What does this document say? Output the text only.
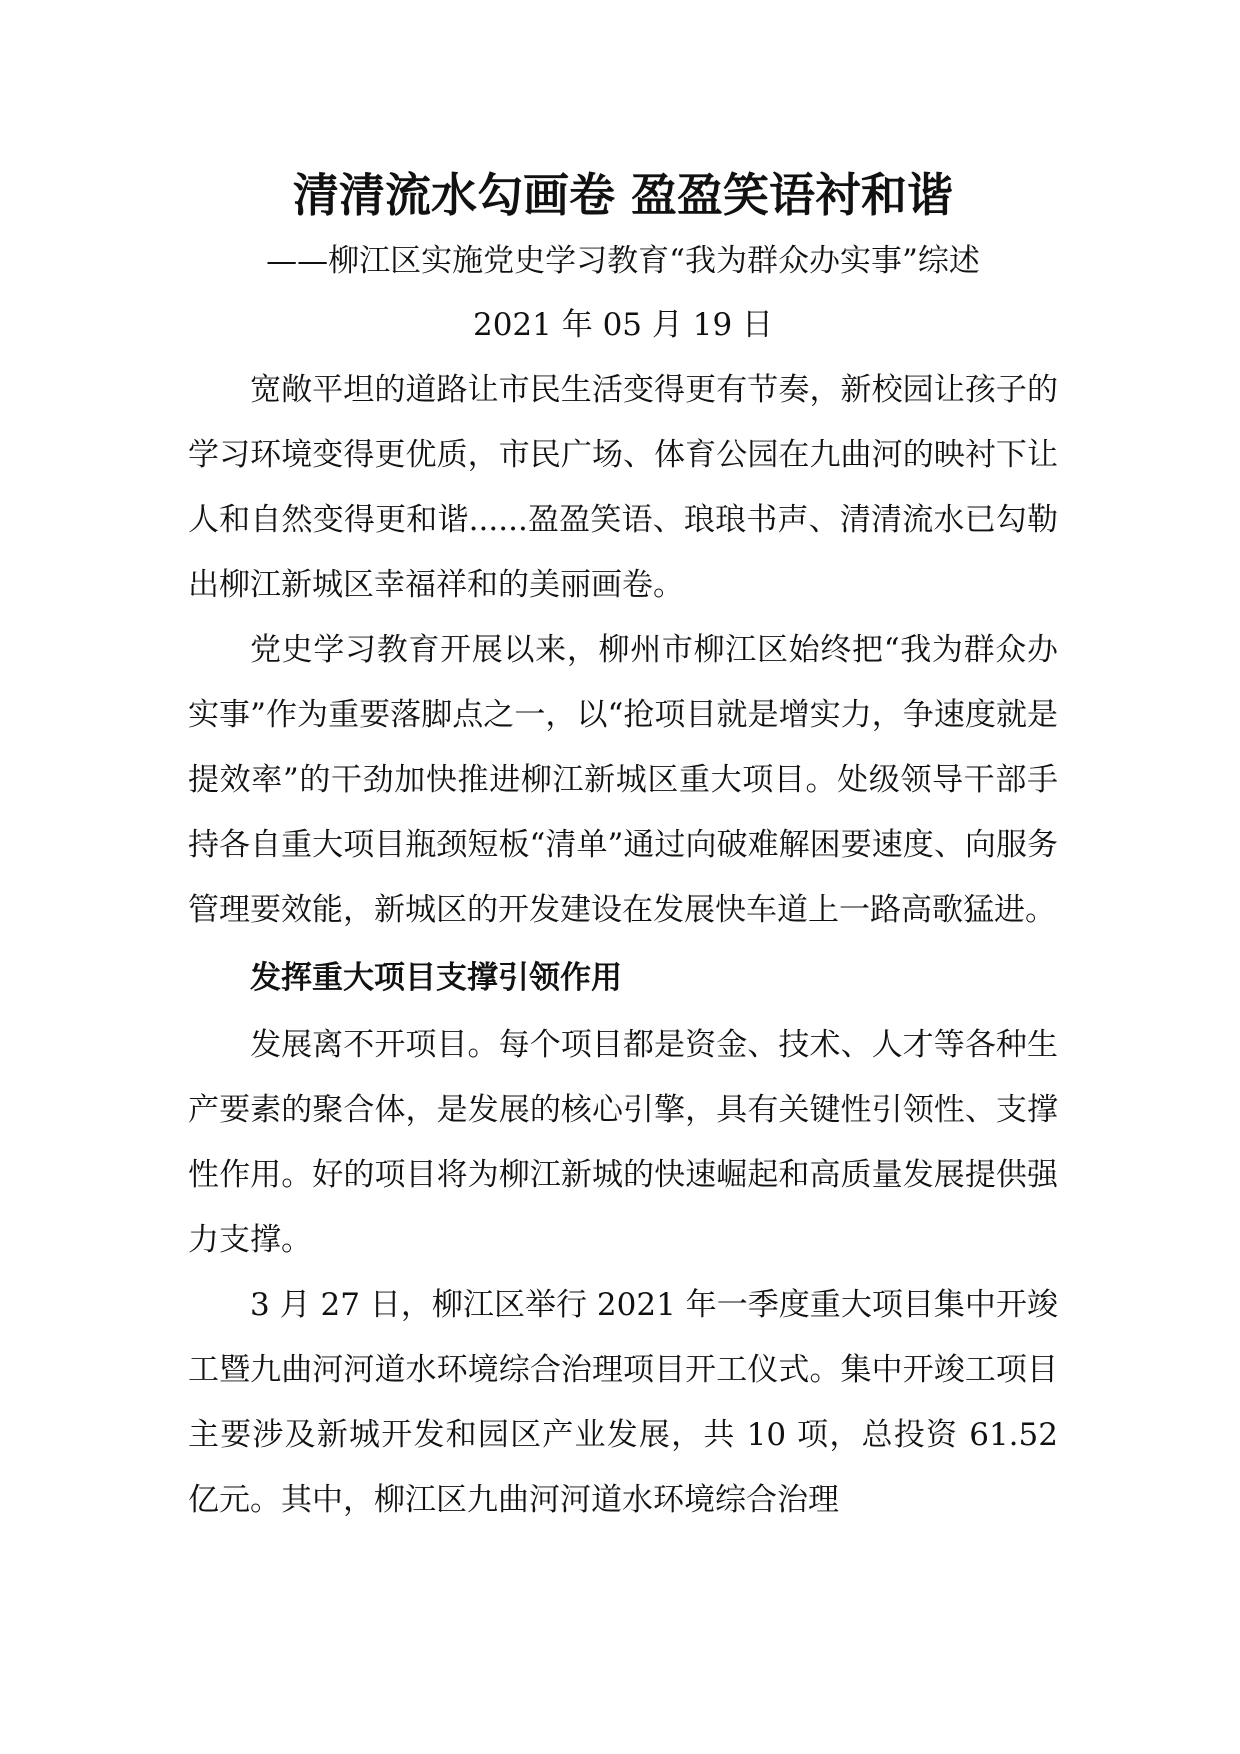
清清流水勾画卷 盈盈笑语衬和谐

——柳江区实施党史学习教育“我为群众办实事”综述

2021 年 05 月 19 日

宽敞平坦的道路让市民生活变得更有节奏，新校园让孩子的学习环境变得更优质，市民广场、体育公园在九曲河的映衬下让人和自然变得更和谐......盈盈笑语、琅琅书声、清清流水已勾勒出柳江新城区幸福祥和的美丽画卷。

党史学习教育开展以来，柳州市柳江区始终把“我为群众办实事”作为重要落脚点之一，以“抢项目就是增实力，争速度就是提效率”的干劲加快推进柳江新城区重大项目。处级领导干部手持各自重大项目瓶颈短板“清单”通过向破难解困要速度、向服务管理要效能，新城区的开发建设在发展快车道上一路高歌猛进。

发挥重大项目支撑引领作用

发展离不开项目。每个项目都是资金、技术、人才等各种生产要素的聚合体，是发展的核心引擎，具有关键性引领性、支撑性作用。好的项目将为柳江新城的快速崛起和高质量发展提供强力支撑。

3 月 27 日，柳江区举行 2021 年一季度重大项目集中开竣工暨九曲河河道水环境综合治理项目开工仪式。集中开竣工项目主要涉及新城开发和园区产业发展，共 10 项，总投资 61.52 亿元。其中，柳江区九曲河河道水环境综合治理
